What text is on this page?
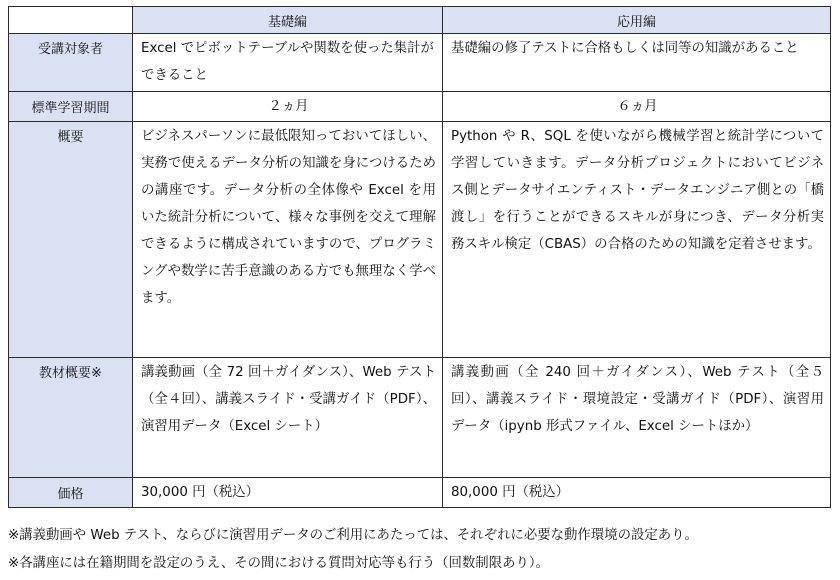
	基礎編	応用編
受講対象者	Excel でピボットテーブルや関数を使った集計ができること	基礎編の修了テストに合格もしくは同等の知識があること
標準学習期間	２ヵ月	６ヵ月
概要	ビジネスパーソンに最低限知っておいてほしい、実務で使えるデータ分析の知識を身につけるための講座です。データ分析の全体像や Excel を用いた統計分析について、様々な事例を交えて理解できるように構成されていますので、プログラミングや数学に苦手意識のある方でも無理なく学べます。	Python や R、SQL を使いながら機械学習と統計学について学習していきます。データ分析プロジェクトにおいてビジネス側とデータサイエンティスト・データエンジニア側との「橋渡し」を行うことができるスキルが身につき、データ分析実務スキル検定（CBAS）の合格のための知識を定着させます。
教材概要※	講義動画（全 72 回＋ガイダンス）、Web テスト（全４回）、講義スライド・受講ガイド（PDF）、演習用データ（Excel シート）	講義動画（全 240 回＋ガイダンス）、Web テスト（全５回）、講義スライド・環境設定・受講ガイド（PDF）、演習用データ（ipynb 形式ファイル、Excel シートほか）
価格	30,000 円（税込）	80,000 円（税込）
※講義動画や Web テスト、ならびに演習用データのご利用にあたっては、それぞれに必要な動作環境の設定あり。
※各講座には在籍期間を設定のうえ、その間における質問対応等も行う（回数制限あり）。
